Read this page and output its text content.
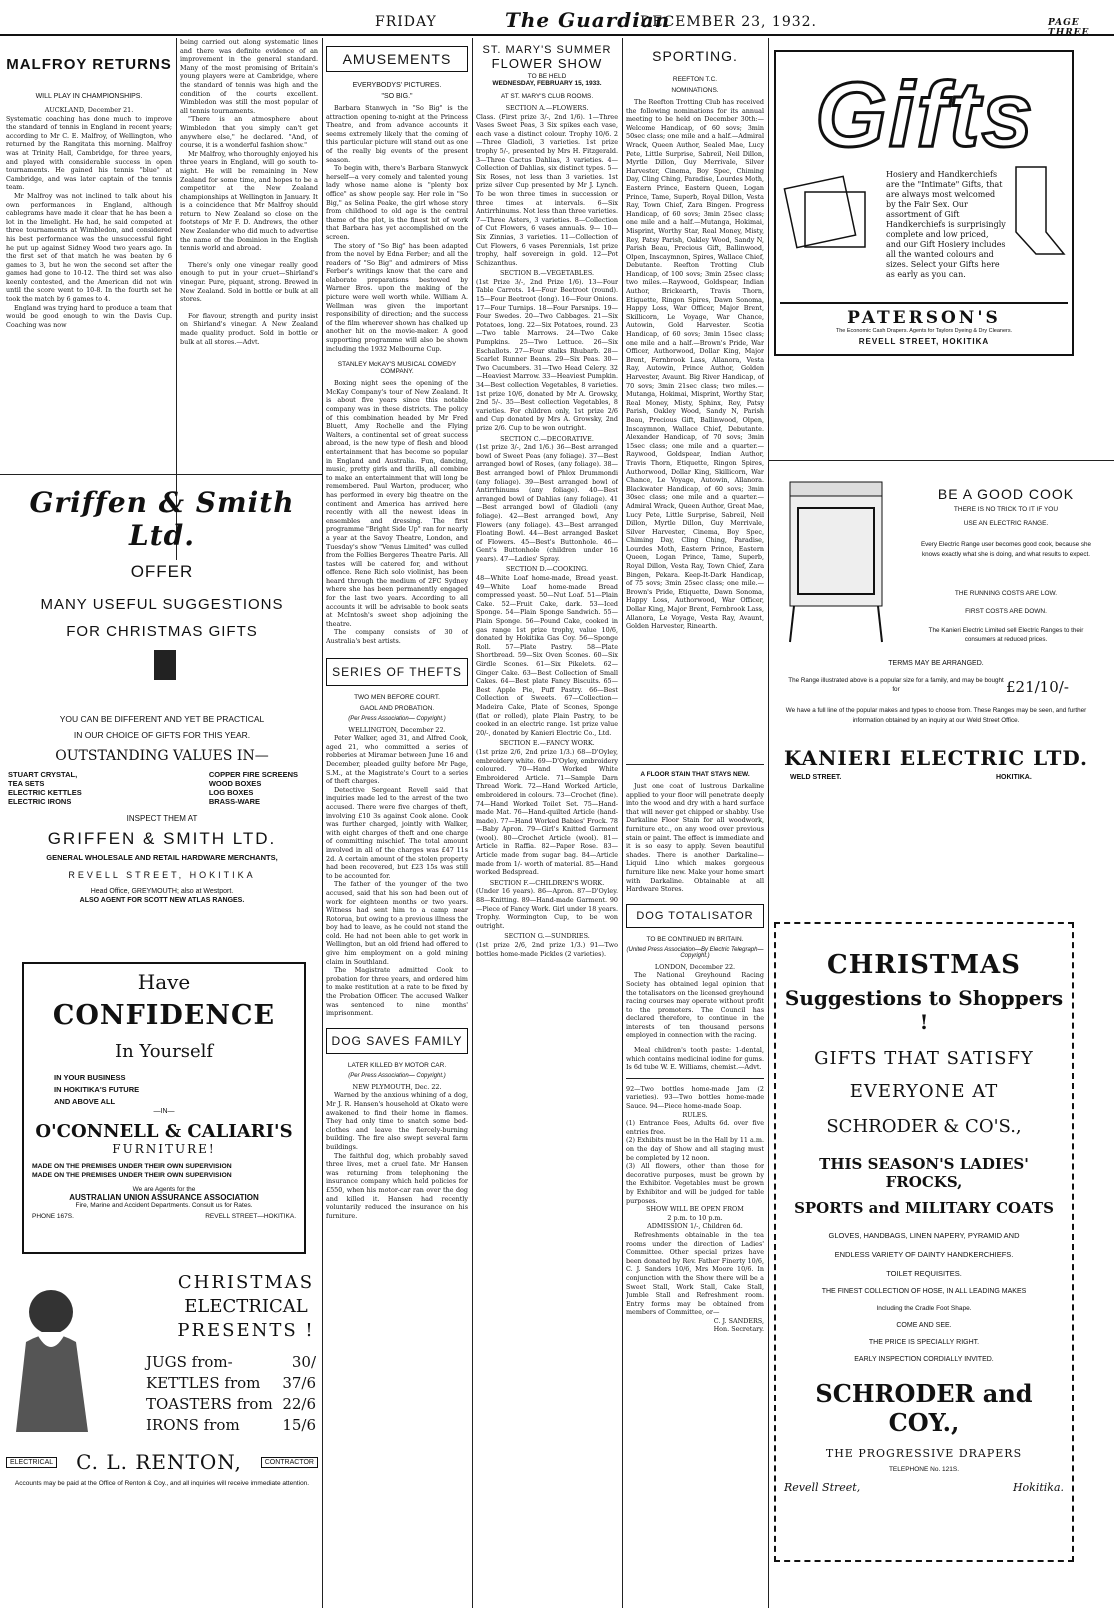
FRIDAY	The Guardian
DECEMBER 23, 1932.	PAGE THREE
MALFROY RETURNS
WILL PLAY IN CHAMPIONSHIPS.

AUCKLAND, December 21.

Systematic coaching has done much to improve the standard of tennis in England in recent years; according to Mr C. E. Malfroy, of Wellington, who returned by the Rangitata this morning. Malfroy was at Trinity Hall, Cambridge, for three years, and played with considerable success in open tournaments. He gained his tennis "blue" at Cambridge, and was later captain of the tennis team.

Mr Malfroy was not inclined to talk about his own performances in England, although cablegrams have made it clear that he has been a lot in the limelight. He had, he said competed at three tournaments at Wimbledon, and considered his best performance was the unsuccessful fight he put up against Sidney Wood two years ago. In the first set of that match he was beaten by 6 games to 3, but he won the second set after the games had gone to 10-12. The third set was also keenly contested, and the American did not win until the score went to 10-8. In the fourth set he took the match by 6 games to 4.

England was trying hard to produce a team that would be good enough to win the Davis Cup. Coaching was now

being carried out along systematic lines and there was definite evidence of an improvement in the general standard. Many of the most promising of Britain's young players were at Cambridge, where the standard of tennis was high and the condition of the courts excellent. Wimbledon was still the most popular of all tennis tournaments.

"There is an atmosphere about Wimbledon that you simply can't get anywhere else," he declared. "And, of course, it is a wonderful fashion show."

Mr Malfroy, who thoroughly enjoyed his three years in England, will go south to-night. He will be remaining in New Zealand for some time, and hopes to be a competitor at the New Zealand championships at Wellington in January. It is a coincidence that Mr Malfroy should return to New Zealand so close on the footsteps of Mr F. D. Andrews, the other New Zealander who did much to advertise the name of the Dominion in the English tennis world and abroad.

There's only one vinegar really good enough to put in your cruet—Shirland's vinegar. Pure, piquant, strong. Brewed in New Zealand. Sold in bottle or bulk at all stores.

For flavour, strength and purity insist on Shirland's vinegar. A New Zealand made quality product. Sold in bottle or bulk at all stores.—Advt.

Griffen & Smith Ltd.
OFFER
MANY USEFUL SUGGESTIONS
FOR CHRISTMAS GIFTS
YOU CAN BE DIFFERENT AND YET BE PRACTICAL
IN OUR CHOICE OF GIFTS FOR THIS YEAR.
OUTSTANDING VALUES IN—
STUART CRYSTAL,
TEA SETS
ELECTRIC KETTLES
ELECTRIC IRONS
COPPER FIRE SCREENS
WOOD BOXES
LOG BOXES
BRASS-WARE
INSPECT THEM AT
GRIFFEN & SMITH LTD.
GENERAL WHOLESALE AND RETAIL HARDWARE MERCHANTS,
REVELL STREET, HOKITIKA
Head Office, GREYMOUTH; also at Westport.
ALSO AGENT FOR SCOTT NEW ATLAS RANGES.
Have
CONFIDENCE
In Yourself
IN YOUR BUSINESS
IN HOKITIKA'S FUTURE
AND ABOVE ALL
—IN—
O'CONNELL & CALIARI'S
FURNITURE!
MADE ON THE PREMISES UNDER THEIR OWN SUPERVISION
MADE ON THE PREMISES UNDER THEIR OWN SUPERVISION
We are Agents for the
AUSTRALIAN UNION ASSURANCE ASSOCIATION
Fire, Marine and Accident Departments. Consult us for Rates.
PHONE 167S.	REVELL STREET—HOKITIKA.
CHRISTMAS
ELECTRICAL
PRESENTS !
JUGS from-	30/
KETTLES from 37/6
TOASTERS from 22/6
IRONS from	15/6
ELECTRICAL C. L. RENTON,	CONTRACTOR
Accounts may be paid at the Office of Renton & Coy., and all inquiries will receive immediate attention.
AMUSEMENTS
EVERYBODYS' PICTURES.
"SO BIG."

Barbara Stanwych in "So Big" is the attraction opening to-night at the Princess Theatre, and from advance accounts it seems extremely likely that the coming of this particular picture will stand out as one of the really big events of the present season.

To begin with, there's Barbara Stanwyck herself—a very comely and talented young lady whose name alone is "plenty box office" as show people say. Her role in "So Big," as Selina Peake, the girl whose story from childhood to old age is the central theme of the plot, is the finest bit of work that Barbara has yet accomplished on the screen.

The story of "So Big" has been adapted from the novel by Edna Ferber; and all the readers of "So Big" and admirers of Miss Ferber's writings know that the care and elaborate preparations bestowed by Warner Bros. upon the making of the picture were well worth while. William A. Wellman was given the important responsibility of direction; and the success of the film wherever shown has chalked up another hit on the movie-maker. A good supporting programme will also be shown including the 1932 Melbourne Cup.

STANLEY McKAY'S MUSICAL COMEDY COMPANY.

Boxing night sees the opening of the McKay Company's tour of New Zealand. It is about five years since this notable company was in these districts. The policy of this combination headed by Mr Fred Bluett, Amy Rochelle and the Flying Walters, a continental set of great success abroad, is the new type of flesh and blood entertainment that has become so popular in England and Australia. Fun, dancing, music, pretty girls and thrills, all combine to make an entertainment that will long be remembered. Paul Warton, producer, who has performed in every big theatre on the continent and America has arrived here recently with all the newest ideas in ensembles and dressing. The first programme "Bright Side Up" ran for nearly a year at the Savoy Theatre, London, and Tuesday's show "Venus Limited" was culled from the Follies Bergeres Theatre Paris. All tastes will be catered for, and without offence. Rene Rich solo violinist, has been heard through the medium of 2FC Sydney where she has been permanently engaged for the last two years. According to all accounts it will be advisable to book seats at McIntosh's sweet shop adjoining the theatre.

The company consists of 30 of Australia's best artists.

SERIES OF THEFTS
TWO MEN BEFORE COURT.
GAOL AND PROBATION.
(Per Press Association— Copyright.)

WELLINGTON, December 22.

Peter Walker, aged 31, and Alfred Cook, aged 21, who committed a series of robberies at Miramar between June 16 and December, pleaded guilty before Mr Page, S.M., at the Magistrate's Court to a series of theft charges.

Detective Sergeant Revell said that inquiries made led to the arrest of the two accused. There were five charges of theft, involving £10 3s against Cook alone. Cook was further charged, jointly with Walker, with eight charges of theft and one charge of committing mischief. The total amount involved in all of the charges was £47 11s 2d. A certain amount of the stolen property had been recovered, but £23 15s was still to be accounted for.

The father of the younger of the two accused, said that his son had been out of work for eighteen months or two years. Witness had sent him to a camp near Rotorua, but owing to a previous illness the boy had to leave, as he could not stand the cold. He had not been able to get work in Wellington, but an old friend had offered to give him employment on a gold mining claim in Southland.

The Magistrate admitted Cook to probation for three years, and ordered him to make restitution at a rate to be fixed by the Probation Officer. The accused Walker was sentenced to nine months' imprisonment.

DOG SAVES FAMILY
LATER KILLED BY MOTOR CAR.
(Per Press Association— Copyright.)

NEW PLYMOUTH, Dec. 22.

Warned by the anxious whining of a dog, Mr J. R. Hansen's household at Okato were awakened to find their home in flames. They had only time to snatch some bed-clothes and leave the fiercely-burning building. The fire also swept several farm buildings.

The faithful dog, which probably saved three lives, met a cruel fate. Mr Hansen was returning from telephoning the insurance company which held policies for £550, when his motor-car ran over the dog and killed it. Hansen had recently voluntarily reduced the insurance on his furniture.

ST. MARY'S SUMMER
FLOWER SHOW
TO BE HELD
WEDNESDAY, FEBRUARY 15, 1933.
AT ST. MARY'S CLUB ROOMS.

SECTION A.—FLOWERS.

Class. (First prize 3/-, 2nd 1/6). 1—Three Vases Sweet Peas, 3 Six spikes each vase, each vase a distinct colour. Trophy 10/6. 2—Three Gladioli, 3 varieties. 1st prize trophy 5/-, presented by Mrs H. Fitzgerald. 3—Three Cactus Dahlias, 3 varieties. 4—Collection of Dahlias, six distinct types. 5—Six Roses, not less than 3 varieties. 1st prize silver Cup presented by Mr J. Lynch. To be won three times in succession or three times at intervals. 6—Six Antirrhinums. Not less than three varieties. 7—Three Asters, 3 varieties. 8—Collection of Cut Flowers, 6 vases annuals. 9— 10—Six Zinnias, 3 varieties. 11—Collection of Cut Flowers, 6 vases Perennials, 1st prize trophy, half sovereign in gold. 12—Pot Schizanthus.

SECTION B.—VEGETABLES.

(1st Prize 3/-, 2nd Prize 1/6). 13—Four Table Carrots. 14—Four Beetroot (round). 15—Four Beetroot (long). 16—Four Onions. 17—Four Turnips. 18—Four Parsnips. 19—Four Swedes. 20—Two Cabbages. 21—Six Potatoes, long. 22—Six Potatoes, round. 23—Two table Marrows. 24—Two Cake Pumpkins. 25—Two Lettuce. 26—Six Eschallots. 27—Four stalks Rhubarb. 28—Scarlet Runner Beans. 29—Six Peas. 30—Two Cucumbers. 31—Two Head Celery. 32—Heaviest Marrow. 33—Heaviest Pumpkin. 34—Best collection Vegetables, 8 varieties. 1st prize 10/6, donated by Mr A. Growsky, 2nd 5/-. 35—Best collection Vegetables, 8 varieties. For children only, 1st prize 2/6 and Cup donated by Mrs A. Growsky, 2nd prize 2/6. Cup to be won outright.

SECTION C.—DECORATIVE.

(1st prize 3/-, 2nd 1/6.) 36—Best arranged bowl of Sweet Peas (any foliage). 37—Best arranged bowl of Roses, (any foliage). 38—Best arranged bowl of Phlox Drummondi (any foliage). 39—Best arranged bowl of Antirrhinums (any foliage). 40—Best arranged bowl of Dahlias (any foliage). 41—Best arranged bowl of Gladioli (any foliage). 42—Best arranged bowl, Any Flowers (any foliage). 43—Best arranged Floating Bowl. 44—Best arranged Basket of Flowers. 45—Best's Buttonhole. 46—Gent's Buttonhole (children under 16 years). 47—Ladies' Spray.

SECTION D.—COOKING.

48—White Loaf home-made, Bread yeast. 49—White Loaf home-made Bread compressed yeast. 50—Nut Loaf. 51—Plain Cake. 52—Fruit Cake, dark. 53—Iced Sponge. 54—Plain Sponge Sandwich. 55—Plain Sponge. 56—Pound Cake, cooked in gas range 1st prize trophy, value 10/6, donated by Hokitika Gas Coy. 56—Sponge Roll. 57—Plate Pastry. 58—Plate Shortbread. 59—Six Oven Scones. 60—Six Girdle Scones. 61—Six Pikelets. 62—Ginger Cake. 63—Best Collection of Small Cakes. 64—Best plate Fancy Biscuits. 65—Best Apple Pie, Puff Pastry. 66—Best Collection of Sweets. 67—Collection—Madeira Cake, Plate of Scones, Sponge (flat or rolled), plate Plain Pastry, to be cooked in an electric range. 1st prize value 20/-, donated by Kanieri Electric Co., Ltd.

SECTION E.—FANCY WORK.

(1st prize 2/6, 2nd prize 1/3.) 68—D'Oyley, embroidery white. 69—D'Oyley, embroidery coloured. 70—Hand Worked White Embroidered Article. 71—Sample Darn Thread Work. 72—Hand Worked Article, embroidered in colours. 73—Crochet (fine). 74—Hand Worked Toilet Set. 75—Hand-made Mat. 76—Hand-quilted Article (hand-made). 77—Hand Worked Babies' Frock. 78—Baby Apron. 79—Girl's Knitted Garment (wool). 80—Crochet Article (wool). 81—Article in Raffia. 82—Paper Rose. 83—Article made from sugar bag. 84—Article made from 1/- worth of material. 85—Hand worked Bedspread.

SECTION F.—CHILDREN'S WORK.

(Under 16 years). 86—Apron. 87—D'Oyley. 88—Knitting. 89—Hand-made Garment. 90—Piece of Fancy Work. Girl under 18 years. Trophy. Wormington Cup, to be won outright.

SECTION G.—SUNDRIES.

(1st prize 2/6, 2nd prize 1/3.) 91—Two bottles home-made Pickles (2 varieties).

SPORTING.
REEFTON T.C.
NOMINATIONS.

The Reefton Trotting Club has received the following nominations for its annual meeting to be held on December 30th:— Welcome Handicap, of 60 sovs; 3min 50sec class; one mile and a half.—Admiral Wrack, Queen Author, Sealed Mae, Lucy Pete, Little Surprise, Sabreil, Neil Dillon, Myrtle Dillon, Guy Merrivale, Silver Harvester, Cinema, Boy Spec, Chiming Day, Cling Ching, Paradise, Lourdes Moth, Eastern Prince, Eastern Queen, Logan Prince, Tame, Superb, Royal Dillon, Vesta Ray, Town Chief, Zara Bingen. Progress Handicap, of 60 sovs; 3min 25sec class; one mile and a half.—Mutanga, Hokimai, Misprint, Worthy Star, Real Money, Misty, Rey, Patsy Parish, Oakley Wood, Sandy N, Parish Beau, Precious Gift, Ballinwood, Olpen, Inscaymnon, Spires, Wallace Chief, Debutante. Reefton Trotting Club Handicap, of 100 sovs; 3min 25sec class; two miles.—Raywood, Goldspear, Indian Author, Brickearth, Travis Thorn, Etiquette, Ringon Spires, Dawn Sonoma, Happy Loss, War Officer, Major Brent, Skillicorn, Le Voyage, War Chance, Autowin, Gold Harvester. Scotia Handicap, of 60 sovs; 3min 15sec class; one mile and a half.—Brown's Pride, War Officer, Authorwood, Dollar King, Major Brent, Fernbrook Lass, Allanora, Vesta Ray, Autowin, Prince Author, Golden Harvester, Avaunt. Big River Handicap, of 70 sovs; 3min 21sec class; two miles.—Mutanga, Hokimai, Misprint, Worthy Star, Real Money, Misty, Sphinx, Rey, Patsy Parish, Oakley Wood, Sandy N, Parish Beau, Precious Gift, Ballinwood, Olpen, Inscaymnon, Wallace Chief, Debutante. Alexander Handicap, of 70 sovs; 3min 15sec class; one mile and a quarter.—Raywood, Goldspear, Indian Author, Travis Thorn, Etiquette, Ringon Spires, Authorwood, Dollar King, Skillicorn, War Chance, Le Voyage, Autowin, Allanora. Blackwater Handicap, of 60 sovs; 3min 30sec class; one mile and a quarter.—Admiral Wrack, Queen Author, Great Mae, Lucy Pete, Little Surprise, Sabreil, Neil Dillon, Myrtle Dillon, Guy Merrivale, Silver Harvester, Cinema, Boy Spec, Chiming Day, Cling Ching, Paradise, Lourdes Moth, Eastern Prince, Eastern Queen, Logan Prince, Tame, Superb, Royal Dillon, Vesta Ray, Town Chief, Zara Bingen, Pekara. Keep-It-Dark Handicap, of 75 sovs; 3min 25sec class; one mile.—Brown's Pride, Etiquette, Dawn Sonoma, Happy Loss, Authorwood, War Officer, Dollar King, Major Brent, Fernbrook Lass, Allanora, Le Voyage, Vesta Ray, Avaunt, Golden Harvester, Rinearth.

A FLOOR STAIN THAT STAYS NEW.

Just one coat of lustrous Darkaline applied to your floor will penetrate deeply into the wood and dry with a hard surface that will never get chipped or shabby. Use Darkaline Floor Stain for all woodwork, furniture etc., on any wood over previous stain or paint. The effect is immediate and it is so easy to apply. Seven beautiful shades. There is another Darkaline—Liquid Lino which makes gorgeous furniture like new. Make your home smart with Darkaline. Obtainable at all Hardware Stores.

DOG TOTALISATOR
TO BE CONTINUED IN BRITAIN.
(United Press Association—By Electric Telegraph—Copyright.)

LONDON, December 22.

The National Greyhound Racing Society has obtained legal opinion that the totalisators on the licensed greyhound racing courses may operate without profit to the promoters. The Council has declared therefore, to continue in the interests of ten thousand persons employed in connection with the racing.

Meal children's tooth paste: 1-dental, which contains medicinal iodine for gums. Is 6d tube W. E. Williams, chemist.—Advt.

92—Two bottles home-made Jam (2 varieties). 93—Two bottles home-made Sauce. 94—Piece home-made Soap.

RULES.

(1) Entrance Fees, Adults 6d. over five entries free.

(2) Exhibits must be in the Hall by 11 a.m. on the day of Show and all staging must be completed by 12 noon.

(3) All flowers, other than those for decorative purposes, must be grown by the Exhibitor. Vegetables must be grown by Exhibitor and will be judged for table purposes.

SHOW WILL BE OPEN FROM

2 p.m. to 10 p.m.

ADMISSION 1/-, Children 6d.

Refreshments obtainable in the tea rooms under the direction of Ladies' Committee. Other special prizes have been donated by Rev. Father Finerty 10/6, C. J. Sanders 10/6, Mrs Moore 10/6. In conjunction with the Show there will be a Sweet Stall, Work Stall, Cake Stall, Jumble Stall and Refreshment room. Entry forms may be obtained from members of Committee, or—

C. J. SANDERS,

Hon. Secretary.

Gifts

Hosiery and Handkerchiefs are the "Intimate" Gifts, that are always most welcomed by the Fair Sex. Our assortment of Gift Handkerchiefs is surprisingly complete and low priced, and our Gift Hosiery includes all the wanted colours and sizes. Select your Gifts here as early as you can.

PATERSON'S
The Economic Cash Drapers. Agents for Taylors Dyeing & Dry Cleaners.
REVELL STREET, HOKITIKA
BE A GOOD COOK
THERE IS NO TRICK TO IT IF YOU
USE AN ELECTRIC RANGE.
Every Electric Range user becomes good cook, because she knows exactly what she is doing, and what results to expect.
THE RUNNING COSTS ARE LOW.
FIRST COSTS ARE DOWN.
The Kanieri Electric Limited sell Electric Ranges to their consumers at reduced prices.
TERMS MAY BE ARRANGED.
The Range illustrated above is a popular size for a family, and may be bought for	£21/10/-
We have a full line of the popular makes and types to choose from. These Ranges may be seen, and further information obtained by an inquiry at our Weld Street Office.
KANIERI ELECTRIC LTD.
WELD STREET.	HOKITIKA.
CHRISTMAS
Suggestions to Shoppers !
GIFTS THAT SATISFY
EVERYONE AT
SCHRODER & CO'S.,
THIS SEASON'S LADIES' FROCKS,
SPORTS and MILITARY COATS
GLOVES, HANDBAGS, LINEN NAPERY, PYRAMID AND
ENDLESS VARIETY OF DAINTY HANDKERCHIEFS.
TOILET REQUISITES.
THE FINEST COLLECTION OF HOSE, IN ALL LEADING MAKES
Including the Cradle Foot Shape.
COME AND SEE.
THE PRICE IS SPECIALLY RIGHT.
EARLY INSPECTION CORDIALLY INVITED.
SCHRODER and COY.,
THE PROGRESSIVE DRAPERS
TELEPHONE No. 121S.
Revell Street,	Hokitika.
